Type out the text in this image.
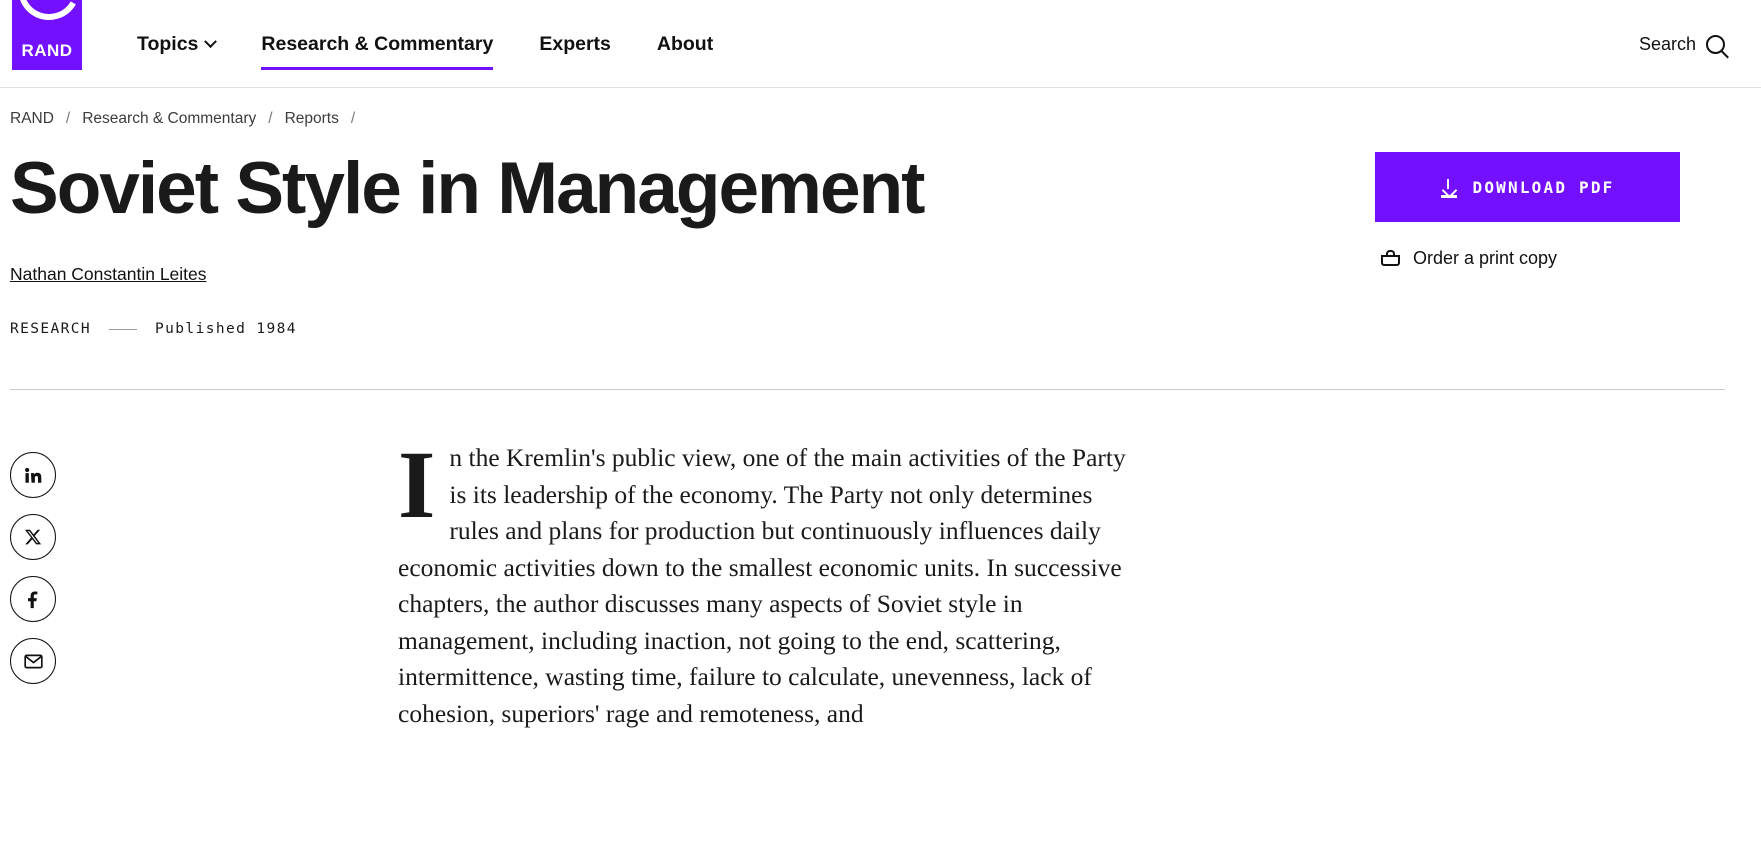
RAND	Topics	Research & Commentary Experts About	Search
RAND / Research & Commentary / Reports /
Soviet Style in Management
Nathan Constantin Leites
RESEARCH	Published 1984
DOWNLOAD PDF
Order a print copy
I n the Kremlin's public view, one of the main activities of the Party is its leadership of the economy. The Party not only determines rules and plans for production but continuously influences daily economic activities down to the smallest economic units. In successive chapters, the author discusses many aspects of Soviet style in management, including inaction, not going to the end, scattering, intermittence, wasting time, failure to calculate, unevenness, lack of cohesion, superiors' rage and remoteness, and
